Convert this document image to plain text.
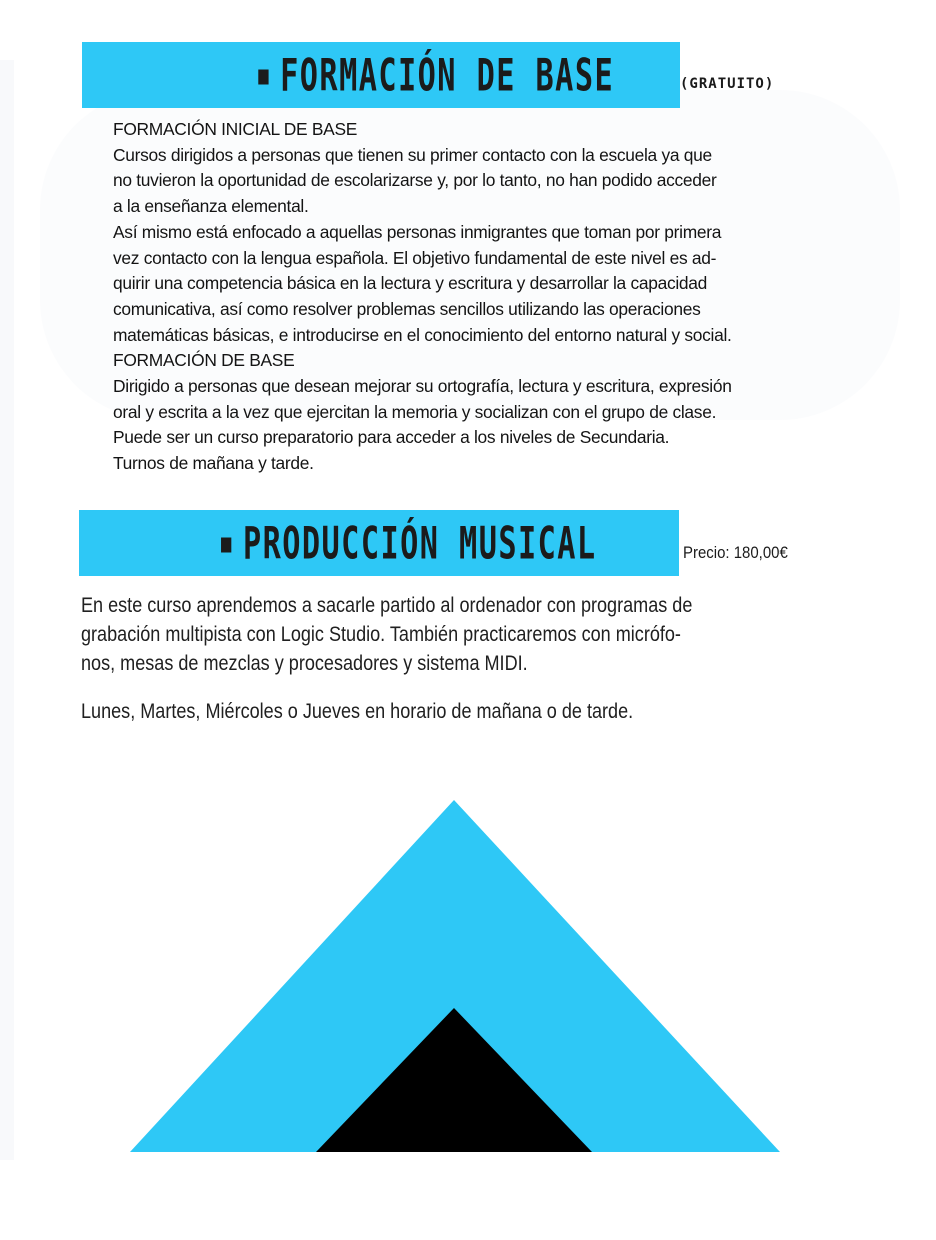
■ FORMACIÓN DE BASE	(GRATUITO)
FORMACIÓN INICIAL DE BASE
Cursos dirigidos a personas que tienen su primer contacto con la escuela ya que
no tuvieron la oportunidad de escolarizarse y, por lo tanto, no han podido acceder
a la enseñanza elemental.
Así mismo está enfocado a aquellas personas inmigrantes que toman por primera
vez contacto con la lengua española. El objetivo fundamental de este nivel es ad-
quirir una competencia básica en la lectura y escritura y desarrollar la capacidad
comunicativa, así como resolver problemas sencillos utilizando las operaciones
matemáticas básicas, e introducirse en el conocimiento del entorno natural y social.
FORMACIÓN DE BASE
Dirigido a personas que desean mejorar su ortografía, lectura y escritura, expresión
oral y escrita a la vez que ejercitan la memoria y socializan con el grupo de clase.
Puede ser un curso preparatorio para acceder a los niveles de Secundaria.
Turnos de mañana y tarde.
■ PRODUCCIÓN MUSICAL	Precio: 180,00€
En este curso aprendemos a sacarle partido al ordenador con programas de
grabación multipista con Logic Studio. También practicaremos con micrófo-
nos, mesas de mezclas y procesadores y sistema MIDI.
Lunes, Martes, Miércoles o Jueves en horario de mañana o de tarde.
